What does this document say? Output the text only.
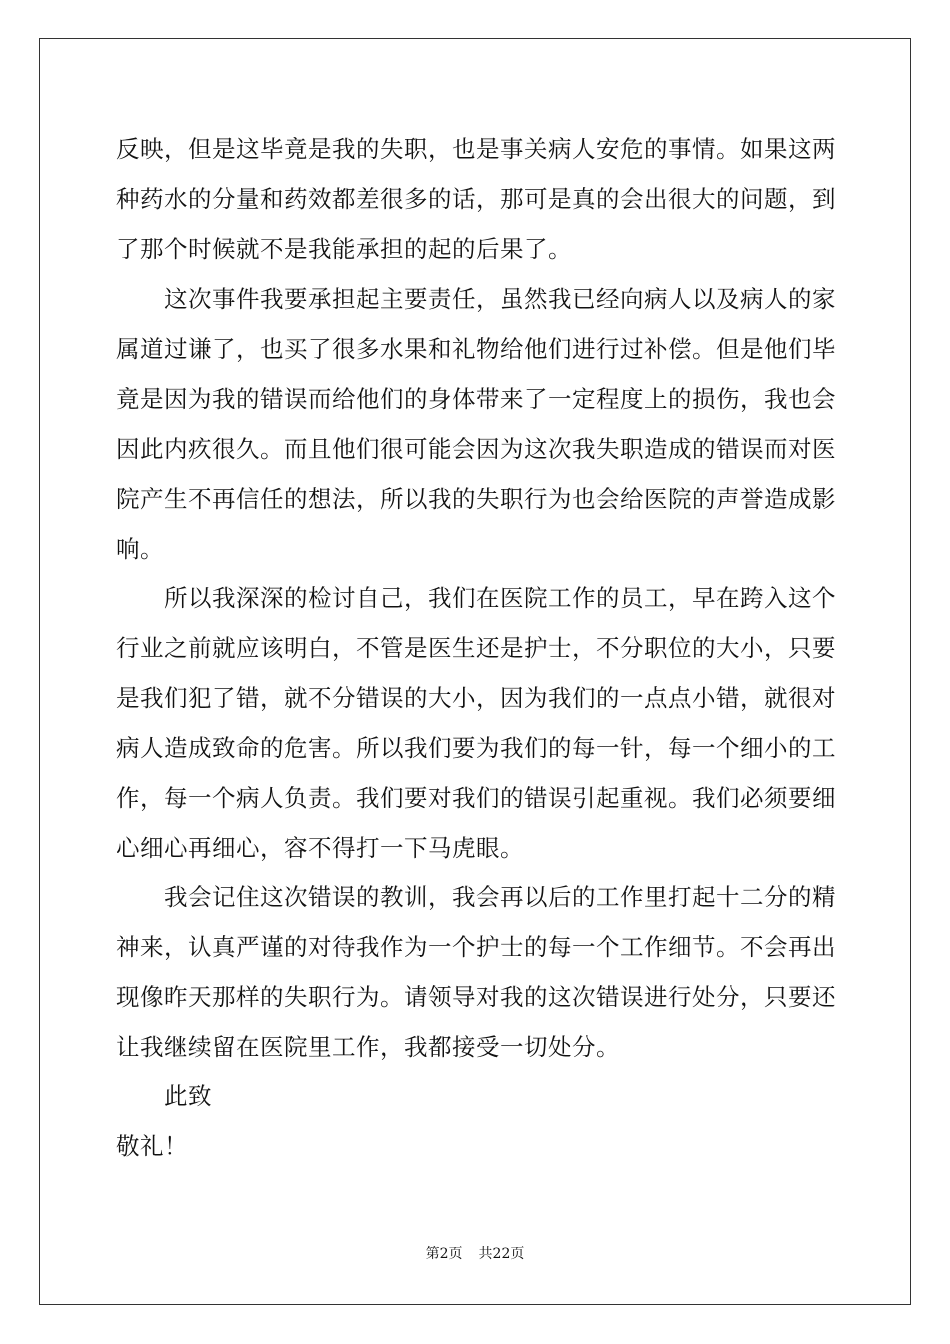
反映，但是这毕竟是我的失职，也是事关病人安危的事情。如果这两
种药水的分量和药效都差很多的话，那可是真的会出很大的问题，到
了那个时候就不是我能承担的起的后果了。
这次事件我要承担起主要责任，虽然我已经向病人以及病人的家
属道过谦了，也买了很多水果和礼物给他们进行过补偿。但是他们毕
竟是因为我的错误而给他们的身体带来了一定程度上的损伤，我也会
因此内疚很久。而且他们很可能会因为这次我失职造成的错误而对医
院产生不再信任的想法，所以我的失职行为也会给医院的声誉造成影
响。
所以我深深的检讨自己，我们在医院工作的员工，早在跨入这个
行业之前就应该明白，不管是医生还是护士，不分职位的大小，只要
是我们犯了错，就不分错误的大小，因为我们的一点点小错，就很对
病人造成致命的危害。所以我们要为我们的每一针，每一个细小的工
作，每一个病人负责。我们要对我们的错误引起重视。我们必须要细
心细心再细心，容不得打一下马虎眼。
我会记住这次错误的教训，我会再以后的工作里打起十二分的精
神来，认真严谨的对待我作为一个护士的每一个工作细节。不会再出
现像昨天那样的失职行为。请领导对我的这次错误进行处分，只要还
让我继续留在医院里工作，我都接受一切处分。
此致
敬礼！
第2页 共22页
